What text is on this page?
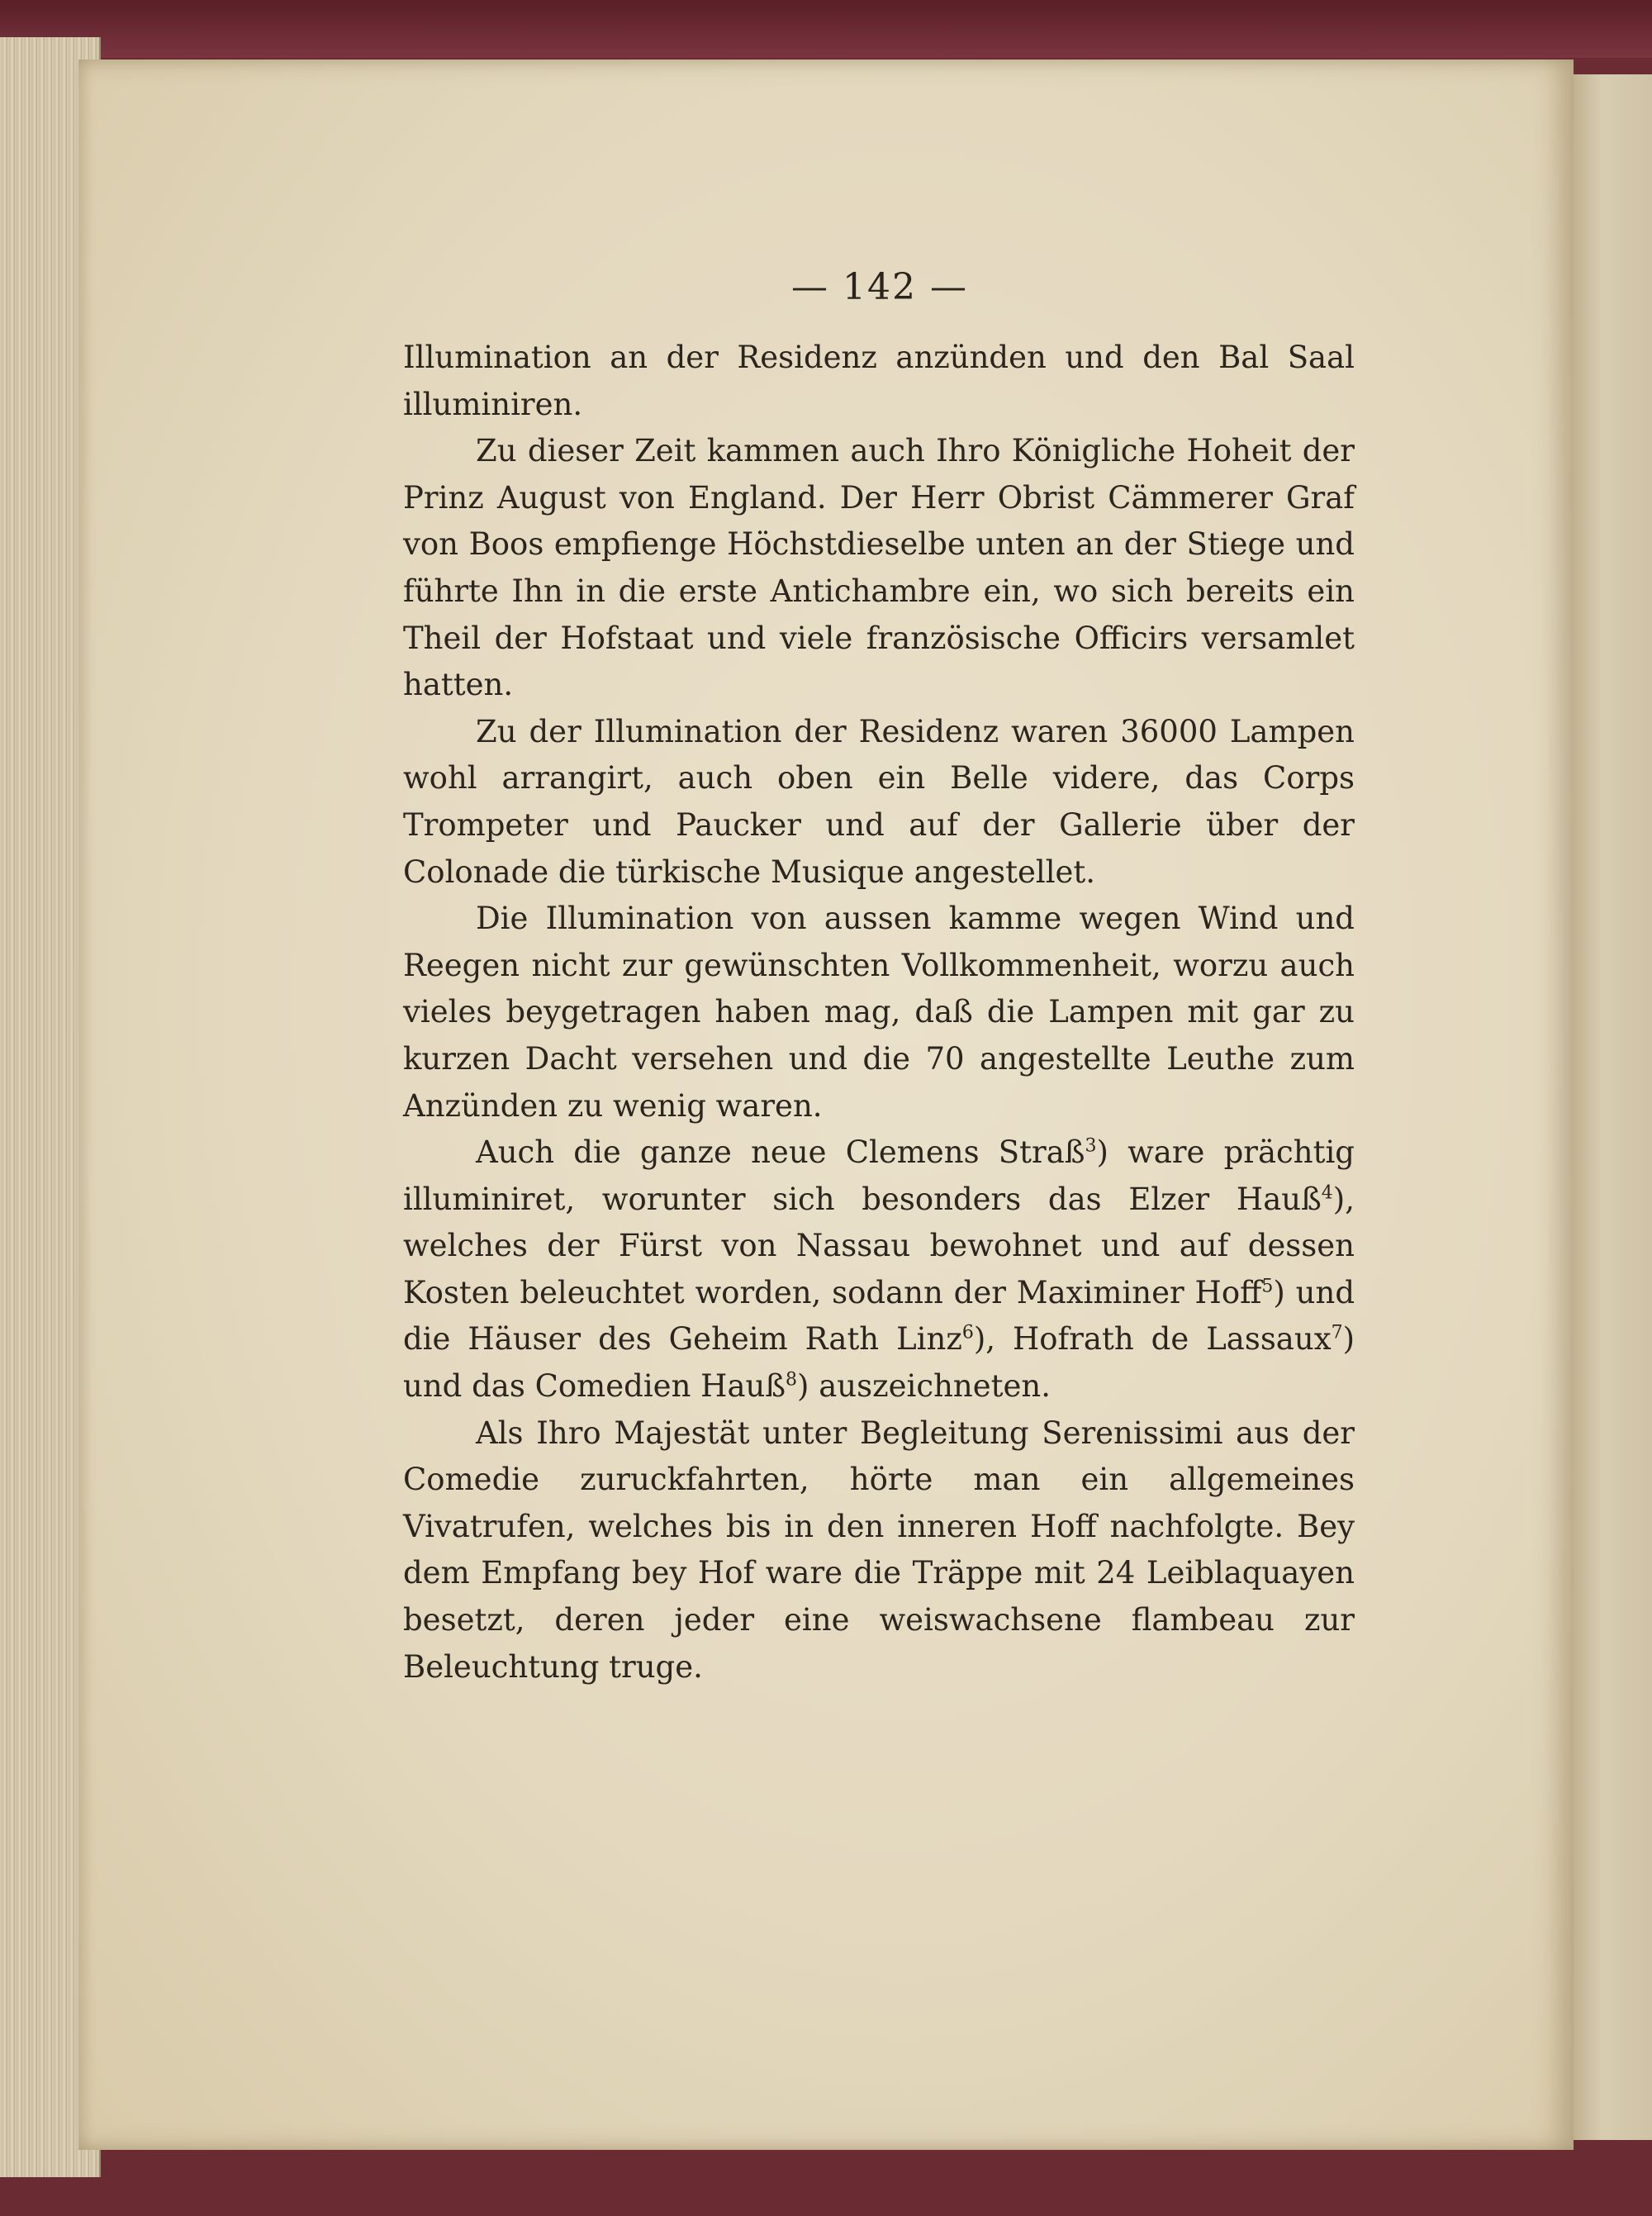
— 142 —

Illumination an der Residenz anzünden und den Bal Saal illuminiren.

Zu dieser Zeit kammen auch Ihro Königliche Hoheit der Prinz August von England. Der Herr Obrist Cämmerer Graf von Boos empfienge Höchstdieselbe unten an der Stiege und führte Ihn in die erste Antichambre ein, wo sich bereits ein Theil der Hofstaat und viele französische Officirs versamlet hatten.

Zu der Illumination der Residenz waren 36000 Lampen wohl arrangirt, auch oben ein Belle videre, das Corps Trompeter und Paucker und auf der Gallerie über der Colonade die türkische Musique angestellet.

Die Illumination von aussen kamme wegen Wind und Reegen nicht zur gewünschten Vollkommenheit, worzu auch vieles beygetragen haben mag, daß die Lampen mit gar zu kurzen Dacht versehen und die 70 angestellte Leuthe zum Anzünden zu wenig waren.

Auch die ganze neue Clemens Straß$^3$) ware prächtig illuminiret, worunter sich besonders das Elzer Hauß$^4$), welches der Fürst von Nassau bewohnet und auf dessen Kosten beleuchtet worden, sodann der Maximiner Hoff$^5$) und die Häuser des Geheim Rath Linz$^6$), Hofrath de Lassaux$^7$) und das Comedien Hauß$^8$) auszeichneten.

Als Ihro Majestät unter Begleitung Serenissimi aus der Comedie zuruckfahrten, hörte man ein allgemeines Vivatrufen, welches bis in den inneren Hoff nachfolgte. Bey dem Empfang bey Hof ware die Träppe mit 24 Leiblaquayen besetzt, deren jeder eine weiswachsene flambeau zur Beleuchtung truge.
